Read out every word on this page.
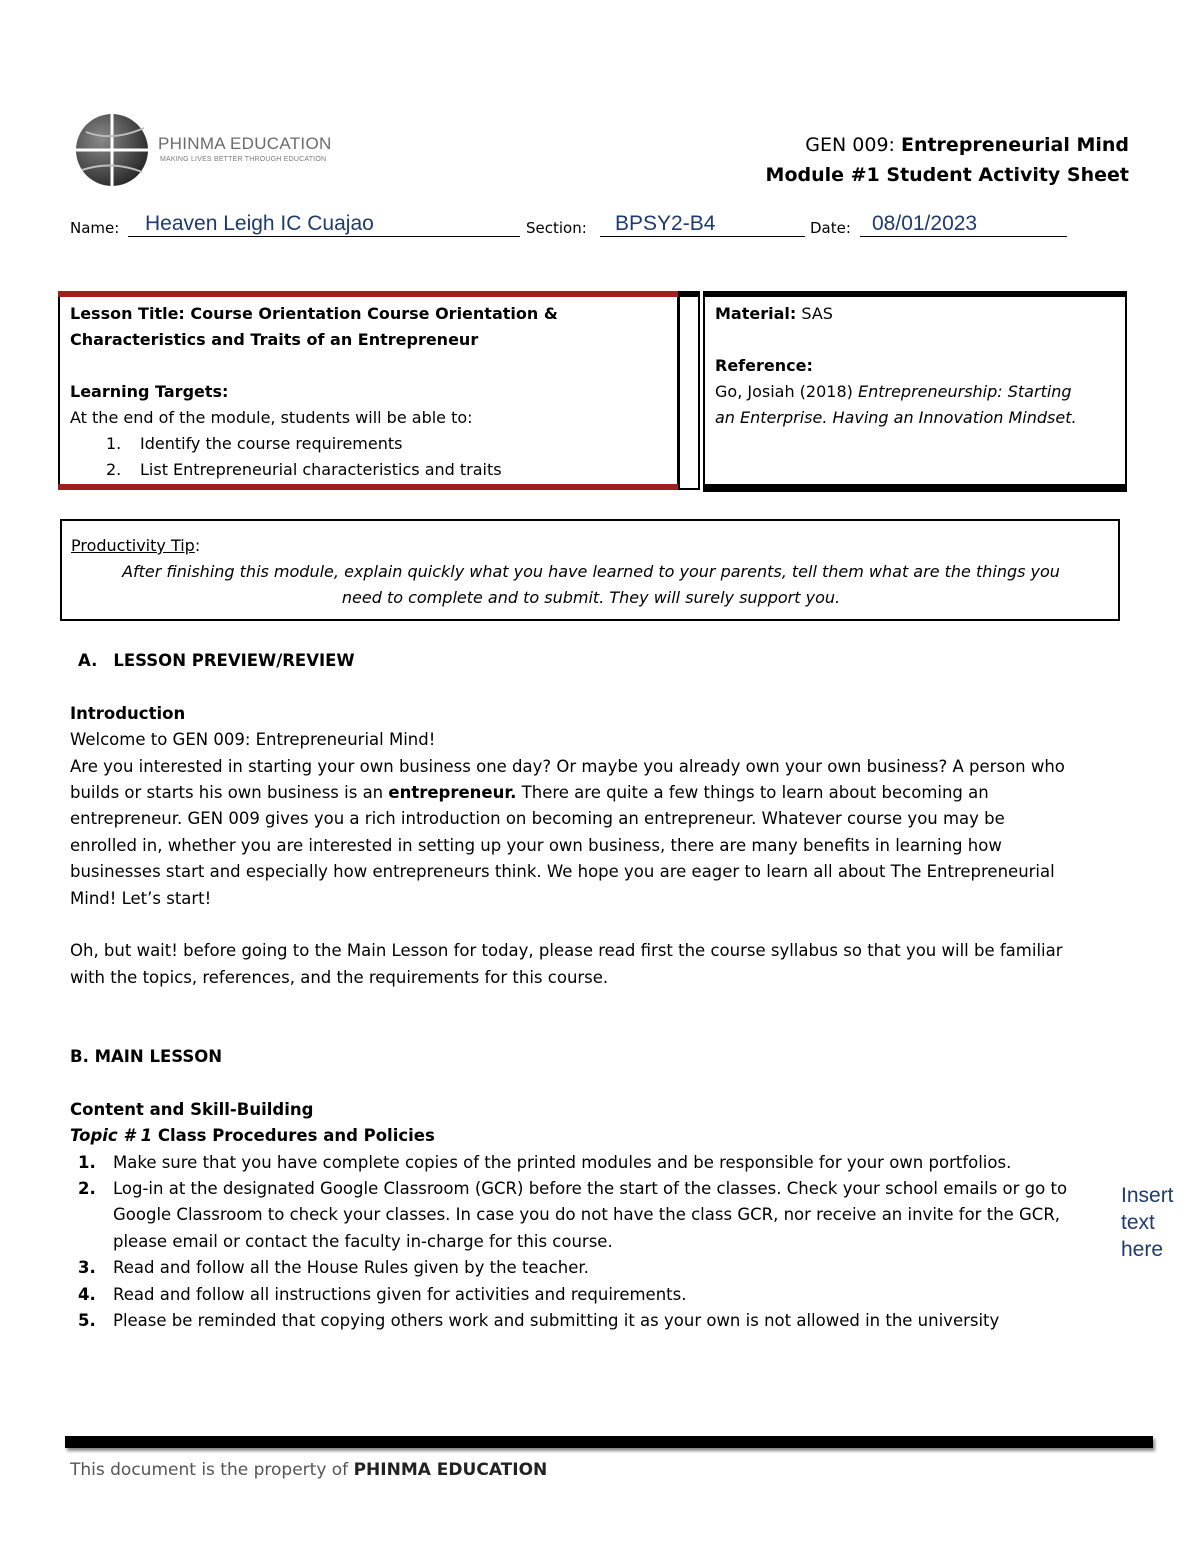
PHINMA EDUCATION
MAKING LIVES BETTER THROUGH EDUCATION
GEN 009: Entrepreneurial Mind
Module #1 Student Activity Sheet
Name: Heaven Leigh IC Cuajao	Section: BPSY2-B4	Date: 08/01/2023
Lesson Title: Course Orientation Course Orientation &
Characteristics and Traits of an Entrepreneur
Learning Targets:
At the end of the module, students will be able to:
1. Identify the course requirements
2. List Entrepreneurial characteristics and traits
Material: SAS
Reference:
Go, Josiah (2018) Entrepreneurship: Starting
an Enterprise. Having an Innovation Mindset.
Productivity Tip:
After finishing this module, explain quickly what you have learned to your parents, tell them what are the things you
need to complete and to submit. They will surely support you.
A. LESSON PREVIEW/REVIEW
Introduction
Welcome to GEN 009: Entrepreneurial Mind!
Are you interested in starting your own business one day? Or maybe you already own your own business? A person who
builds or starts his own business is an entrepreneur. There are quite a few things to learn about becoming an
entrepreneur. GEN 009 gives you a rich introduction on becoming an entrepreneur. Whatever course you may be
enrolled in, whether you are interested in setting up your own business, there are many benefits in learning how
businesses start and especially how entrepreneurs think. We hope you are eager to learn all about The Entrepreneurial
Mind! Let’s start!
Oh, but wait! before going to the Main Lesson for today, please read first the course syllabus so that you will be familiar
with the topics, references, and the requirements for this course.
B. MAIN LESSON
Content and Skill-Building
Topic # 1 Class Procedures and Policies
1. Make sure that you have complete copies of the printed modules and be responsible for your own portfolios.
2. Log-in at the designated Google Classroom (GCR) before the start of the classes. Check your school emails or go to
Google Classroom to check your classes. In case you do not have the class GCR, nor receive an invite for the GCR,
please email or contact the faculty in-charge for this course.
3. Read and follow all the House Rules given by the teacher.
4. Read and follow all instructions given for activities and requirements.
5. Please be reminded that copying others work and submitting it as your own is not allowed in the university
Insert
text
here
This document is the property of PHINMA EDUCATION
